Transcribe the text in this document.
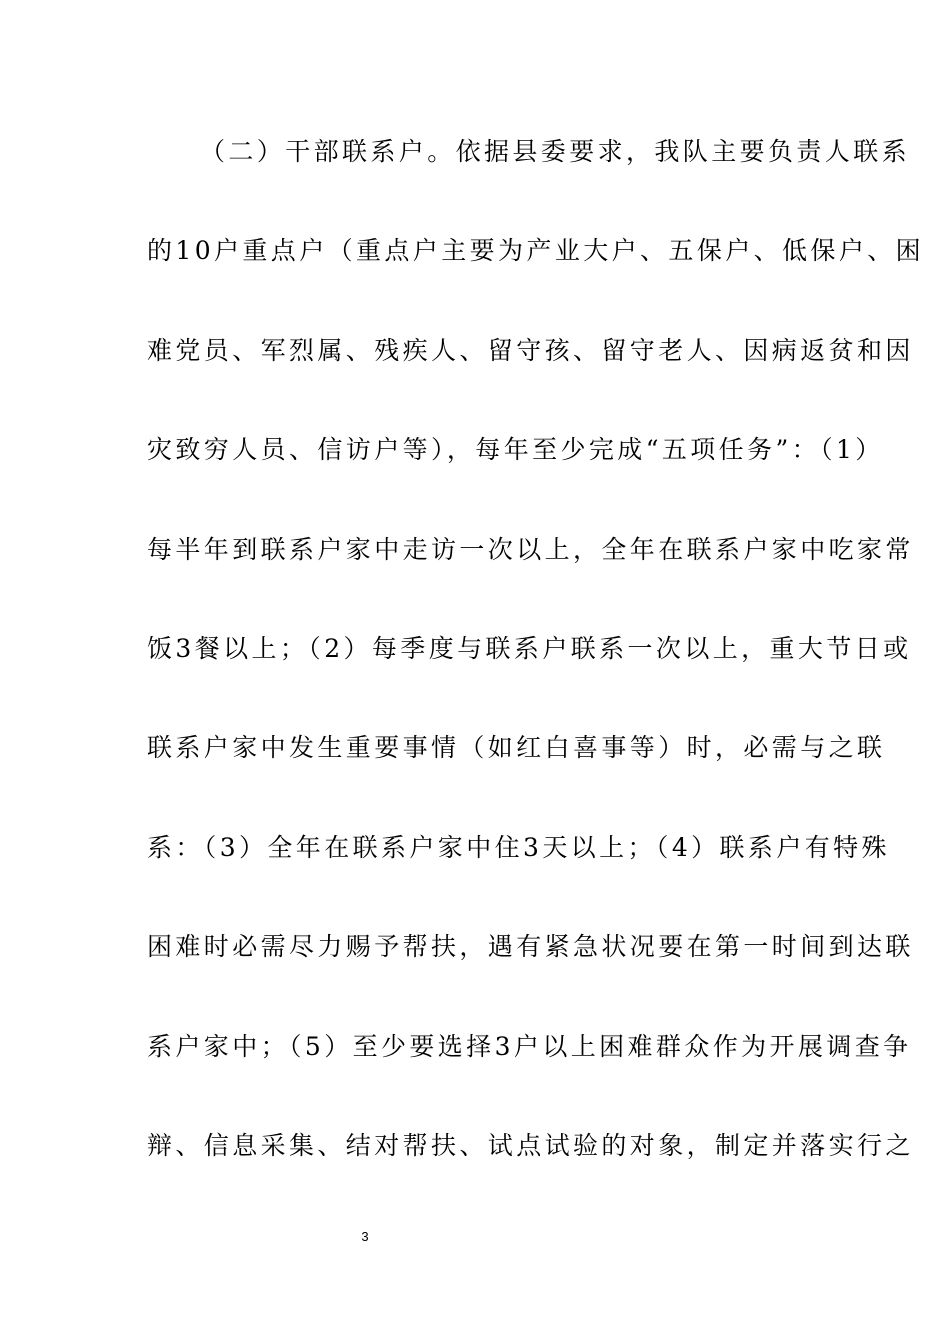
（二）干部联系户。依据县委要求，我队主要负责人联系
的10户重点户（重点户主要为产业大户、五保户、低保户、困
难党员、军烈属、残疾人、留守孩、留守老人、因病返贫和因
灾致穷人员、信访户等），每年至少完成“五项任务”：（1）
每半年到联系户家中走访一次以上，全年在联系户家中吃家常
饭3餐以上；（2）每季度与联系户联系一次以上，重大节日或
联系户家中发生重要事情（如红白喜事等）时，必需与之联
系：（3）全年在联系户家中住3天以上；（4）联系户有特殊
困难时必需尽力赐予帮扶，遇有紧急状况要在第一时间到达联
系户家中；（5）至少要选择3户以上困难群众作为开展调查争
辩、信息采集、结对帮扶、试点试验的对象，制定并落实行之
3
